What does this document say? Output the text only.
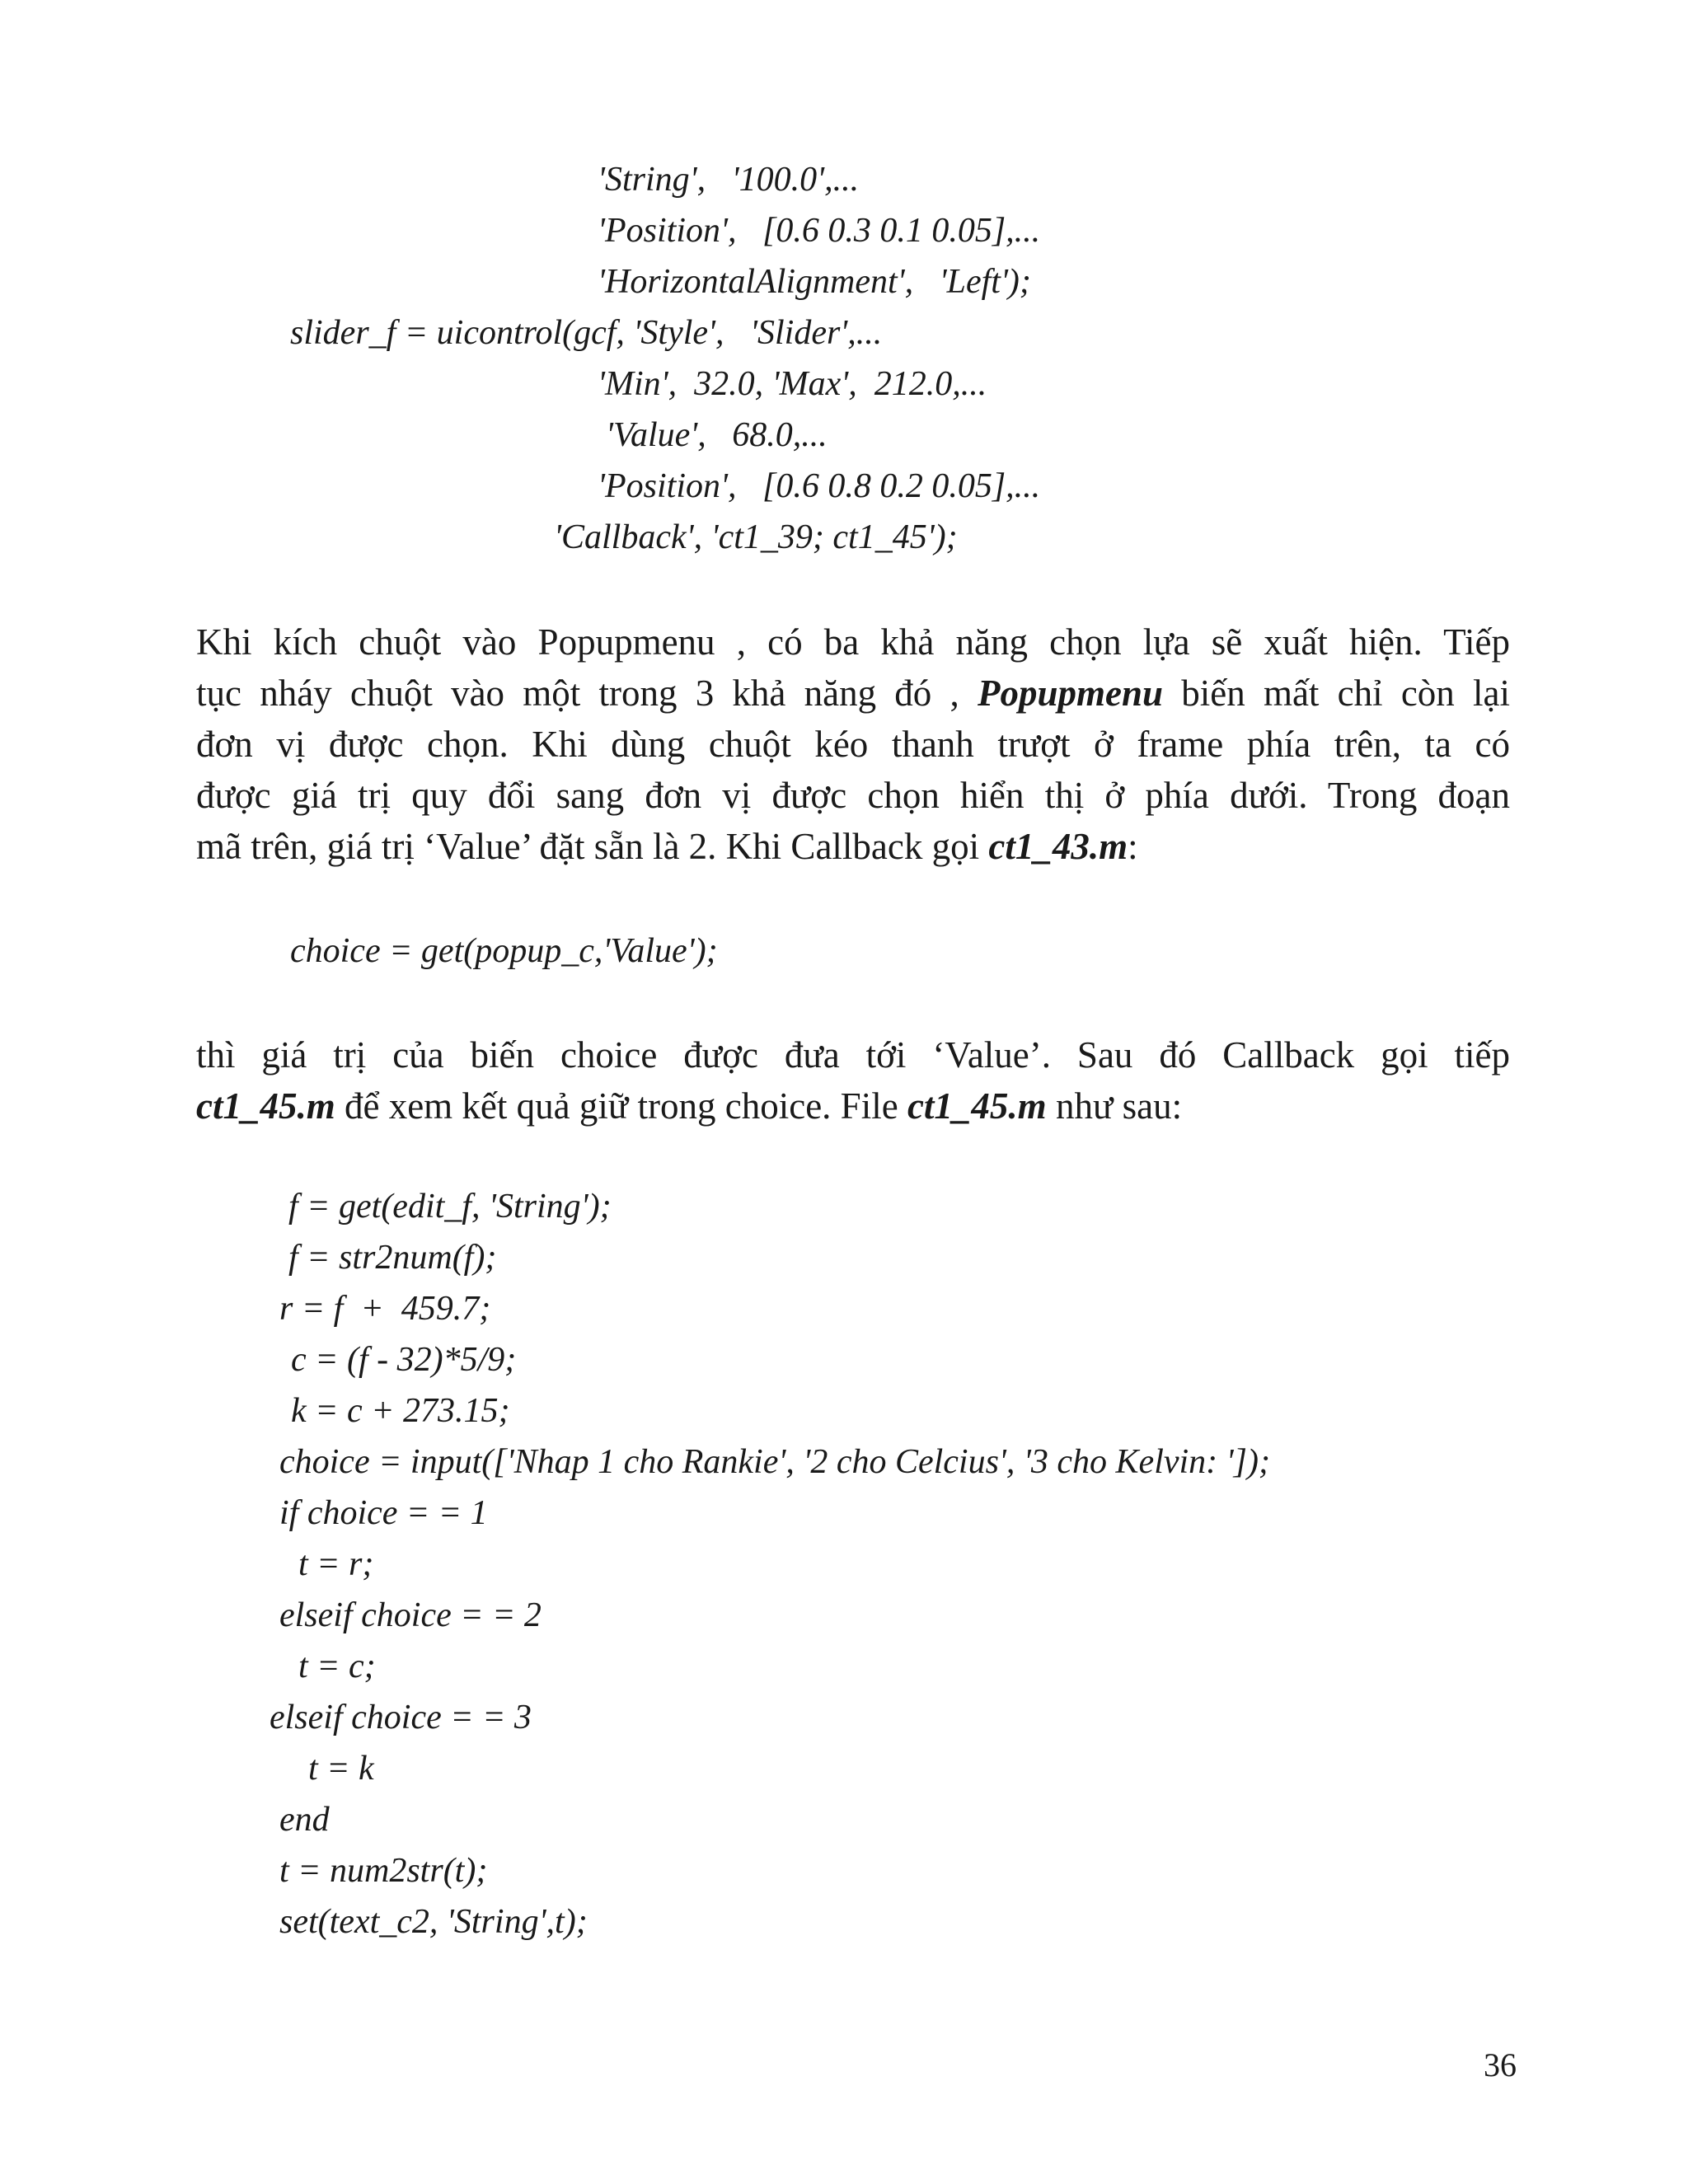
'String',   '100.0',...
'Position',   [0.6 0.3 0.1 0.05],...
'HorizontalAlignment',   'Left');
slider_f = uicontrol(gcf, 'Style',   'Slider',...
'Min',  32.0, 'Max',  212.0,...
'Value',   68.0,...
'Position',   [0.6 0.8 0.2 0.05],...
'Callback', 'ct1_39; ct1_45');
Khi kích chuột vào Popupmenu , có ba khả năng chọn lựa sẽ xuất hiện. Tiếp
tục nháy chuột vào một trong 3 khả năng đó , Popupmenu biến mất chỉ còn lại
đơn vị được chọn. Khi dùng chuột kéo thanh trượt ở frame phía trên, ta có
được giá trị quy đổi sang đơn vị được chọn hiển thị ở phía dưới. Trong đoạn
mã trên, giá trị ‘Value’ đặt sẵn là 2. Khi Callback gọi ct1_43.m:
choice = get(popup_c,'Value');
thì giá trị của biến choice được đưa tới ‘Value’. Sau đó Callback gọi tiếp
ct1_45.m để xem kết quả giữ trong choice. File ct1_45.m như sau:
f = get(edit_f, 'String');
f = str2num(f);
r = f  +  459.7;
c = (f - 32)*5/9;
k = c + 273.15;
choice = input(['Nhap 1 cho Rankie', '2 cho Celcius', '3 cho Kelvin: ']);
if choice = = 1
t = r;
elseif choice = = 2
t = c;
elseif choice = = 3
t = k
end
t = num2str(t);
set(text_c2, 'String',t);
36
